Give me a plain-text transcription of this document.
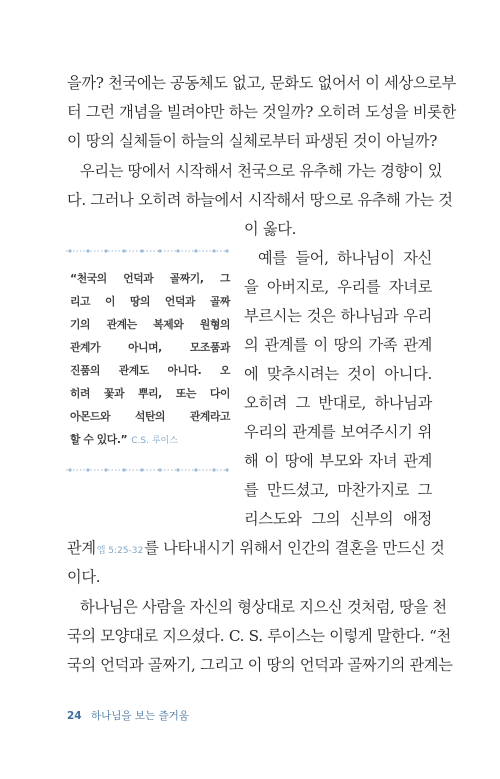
을까? 천국에는 공동체도 없고, 문화도 없어서 이 세상으로부
터 그런 개념을 빌려야만 하는 것일까? 오히려 도성을 비롯한
이 땅의 실체들이 하늘의 실체로부터 파생된 것이 아닐까?
우리는 땅에서 시작해서 천국으로 유추해 가는 경향이 있
다. 그러나 오히려 하늘에서 시작해서 땅으로 유추해 가는 것
이 옳다.
예를 들어, 하나님이 자신
을 아버지로, 우리를 자녀로
부르시는 것은 하나님과 우리
의 관계를 이 땅의 가족 관계
에 맞추시려는 것이 아니다.
오히려 그 반대로, 하나님과
우리의 관계를 보여주시기 위
해 이 땅에 부모와 자녀 관계
를 만드셨고, 마찬가지로 그
리스도와 그의 신부의 애정
관계 엡 5:25-32 를 나타내시기 위해서 인간의 결혼을 만드신 것
이다.
하나님은 사람을 자신의 형상대로 지으신 것처럼, 땅을 천
국의 모양대로 지으셨다. C. S. 루이스는 이렇게 말한다. “천
국의 언덕과 골짜기, 그리고 이 땅의 언덕과 골짜기의 관계는
“천국의 언덕과 골짜기, 그
리고 이 땅의 언덕과 골짜
기의 관계는 복제와 원형의
관계가 아니며, 모조품과
진품의 관계도 아니다. 오
히려 꽃과 뿌리, 또는 다이
아몬드와 석탄의 관계라고
할 수 있다.” C.S. 루이스
24 하나님을 보는 즐거움
